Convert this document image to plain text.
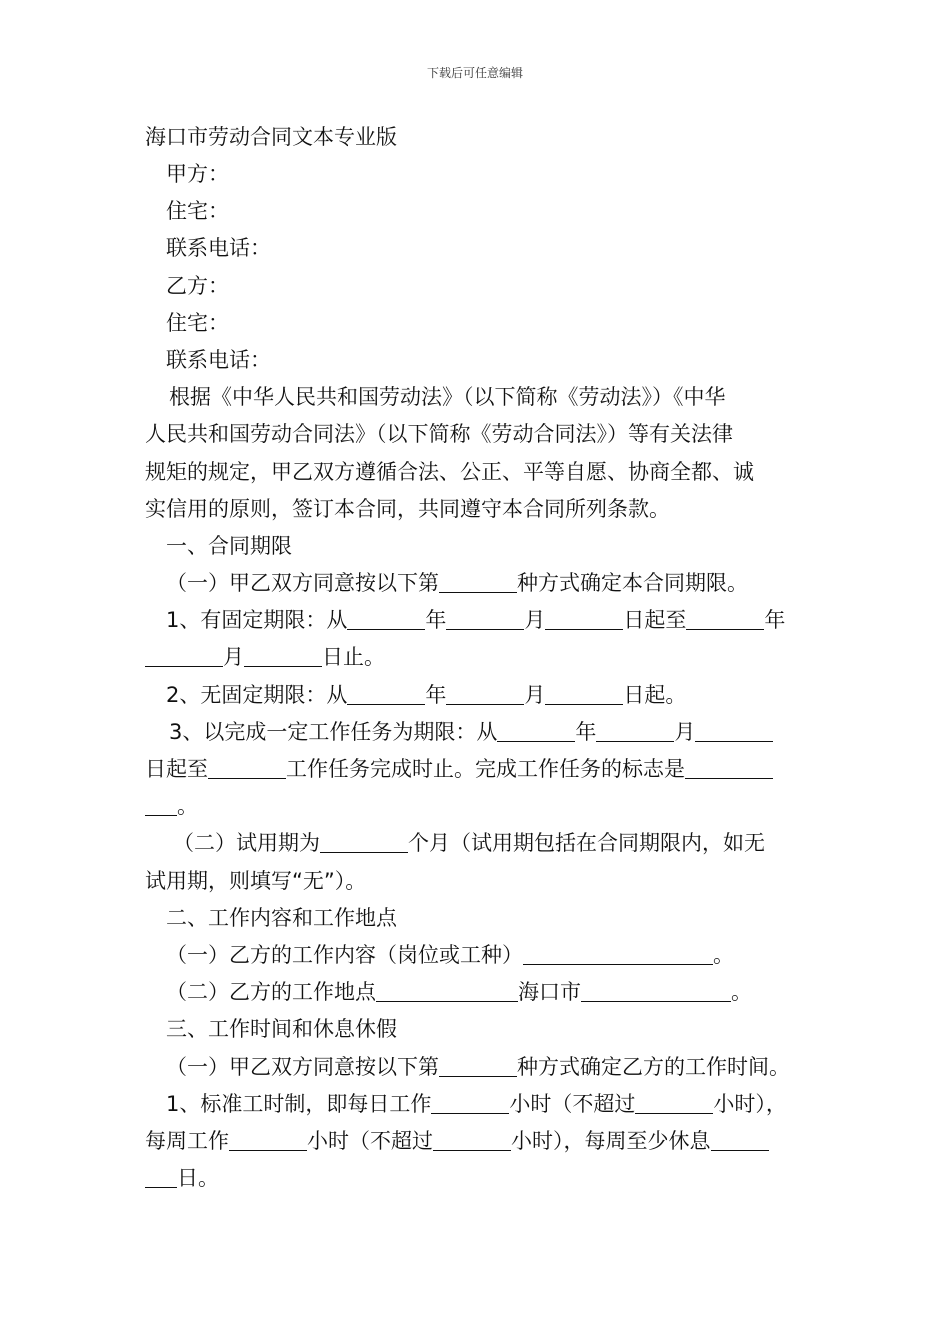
下载后可任意编辑
海口市劳动合同文本专业版
甲方：
住宅：
联系电话：
乙方：
住宅：
联系电话：
根据《中华人民共和国劳动法》（以下简称《劳动法》）《中华
人民共和国劳动合同法》（以下简称《劳动合同法》）等有关法律
规矩的规定，甲乙双方遵循合法、公正、平等自愿、协商全都、诚
实信用的原则，签订本合同，共同遵守本合同所列条款。
一、合同期限
（一）甲乙双方同意按以下第	种方式确定本合同期限。
1、有固定期限：从	年	月	日起至	年
月	日止。
2、无固定期限：从	年	月	日起。
3、以完成一定工作任务为期限：从	年	月
日起至	工作任务完成时止。完成工作任务的标志是
。
（二）试用期为	个月（试用期包括在合同期限内，如无
试用期，则填写“无”）。
二、工作内容和工作地点
（一）乙方的工作内容（岗位或工种）	。
（二）乙方的工作地点	海口市	。
三、工作时间和休息休假
（一）甲乙双方同意按以下第	种方式确定乙方的工作时间。
1、标准工时制，即每日工作	小时（不超过	小时），
每周工作	小时（不超过	小时），每周至少休息
日。
